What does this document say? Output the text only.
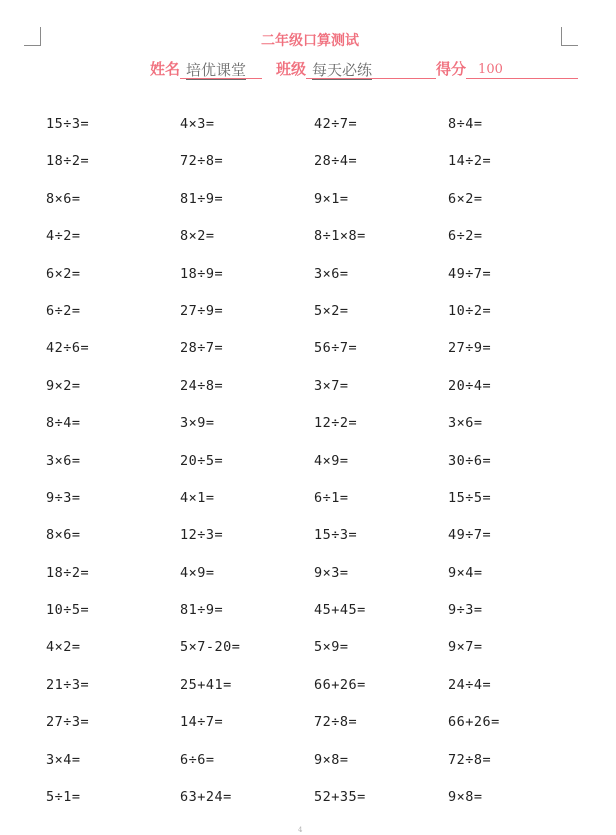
二年级口算测试
姓名 培优课堂	班级 每天必练	得分 100
15÷3=	4×3=	42÷7=	8÷4=
18÷2=	72÷8=	28÷4=	14÷2=
8×6=	81÷9=	9×1=	6×2=
4÷2=	8×2=	8÷1×8=	6÷2=
6×2=	18÷9=	3×6=	49÷7=
6÷2=	27÷9=	5×2=	10÷2=
42÷6=	28÷7=	56÷7=	27÷9=
9×2=	24÷8=	3×7=	20÷4=
8÷4=	3×9=	12÷2=	3×6=
3×6=	20÷5=	4×9=	30÷6=
9÷3=	4×1=	6÷1=	15÷5=
8×6=	12÷3=	15÷3=	49÷7=
18÷2=	4×9=	9×3=	9×4=
10÷5=	81÷9=	45+45=	9÷3=
4×2=	5×7-20=	5×9=	9×7=
21÷3=	25+41=	66+26=	24÷4=
27÷3=	14÷7=	72÷8=	66+26=
3×4=	6÷6=	9×8=	72÷8=
5÷1=	63+24=	52+35=	9×8=
4
